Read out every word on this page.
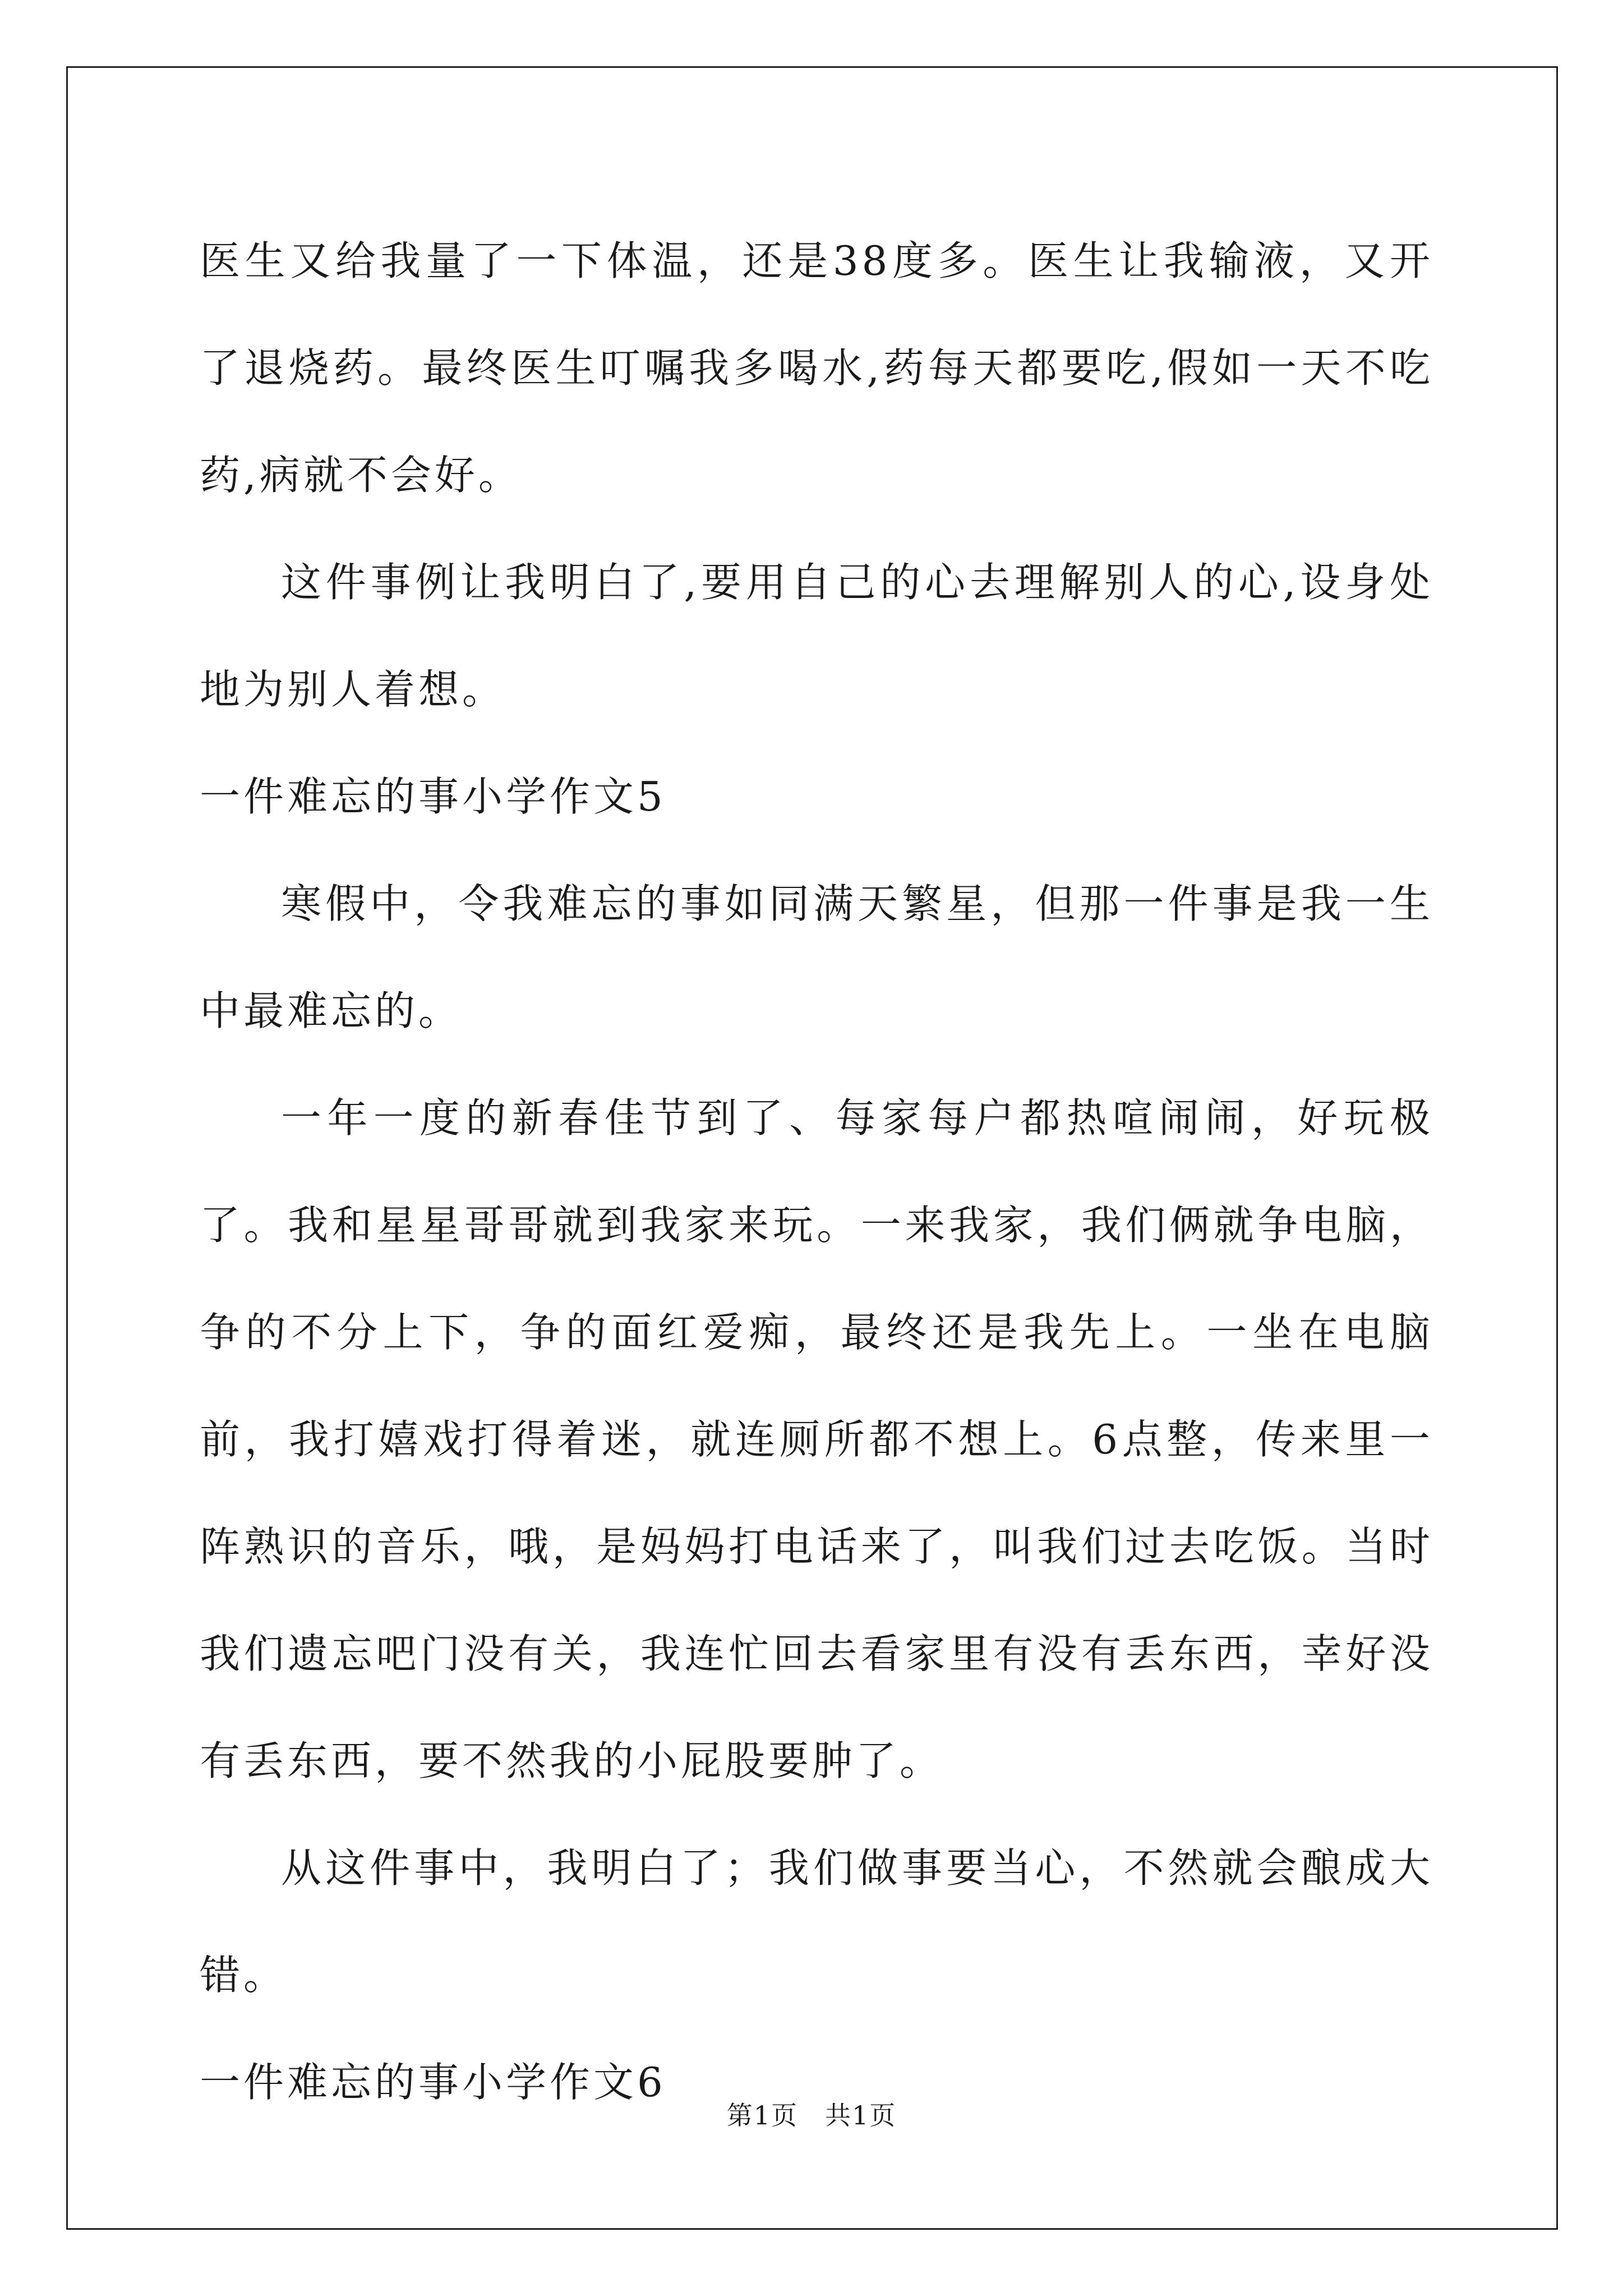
医生又给我量了一下体温，还是38度多。医生让我输液，又开了退烧药。最终医生叮嘱我多喝水,药每天都要吃,假如一天不吃药,病就不会好。

这件事例让我明白了,要用自己的心去理解别人的心,设身处地为别人着想。

一件难忘的事小学作文5

寒假中，令我难忘的事如同满天繁星，但那一件事是我一生中最难忘的。

一年一度的新春佳节到了、每家每户都热喧闹闹，好玩极了。我和星星哥哥就到我家来玩。一来我家，我们俩就争电脑，争的不分上下，争的面红爱痴，最终还是我先上。一坐在电脑前，我打嬉戏打得着迷，就连厕所都不想上。6点整，传来里一阵熟识的音乐，哦，是妈妈打电话来了，叫我们过去吃饭。当时我们遗忘吧门没有关，我连忙回去看家里有没有丢东西，幸好没有丢东西，要不然我的小屁股要肿了。

从这件事中，我明白了；我们做事要当心，不然就会酿成大错。

一件难忘的事小学作文6
第1页　共1页
